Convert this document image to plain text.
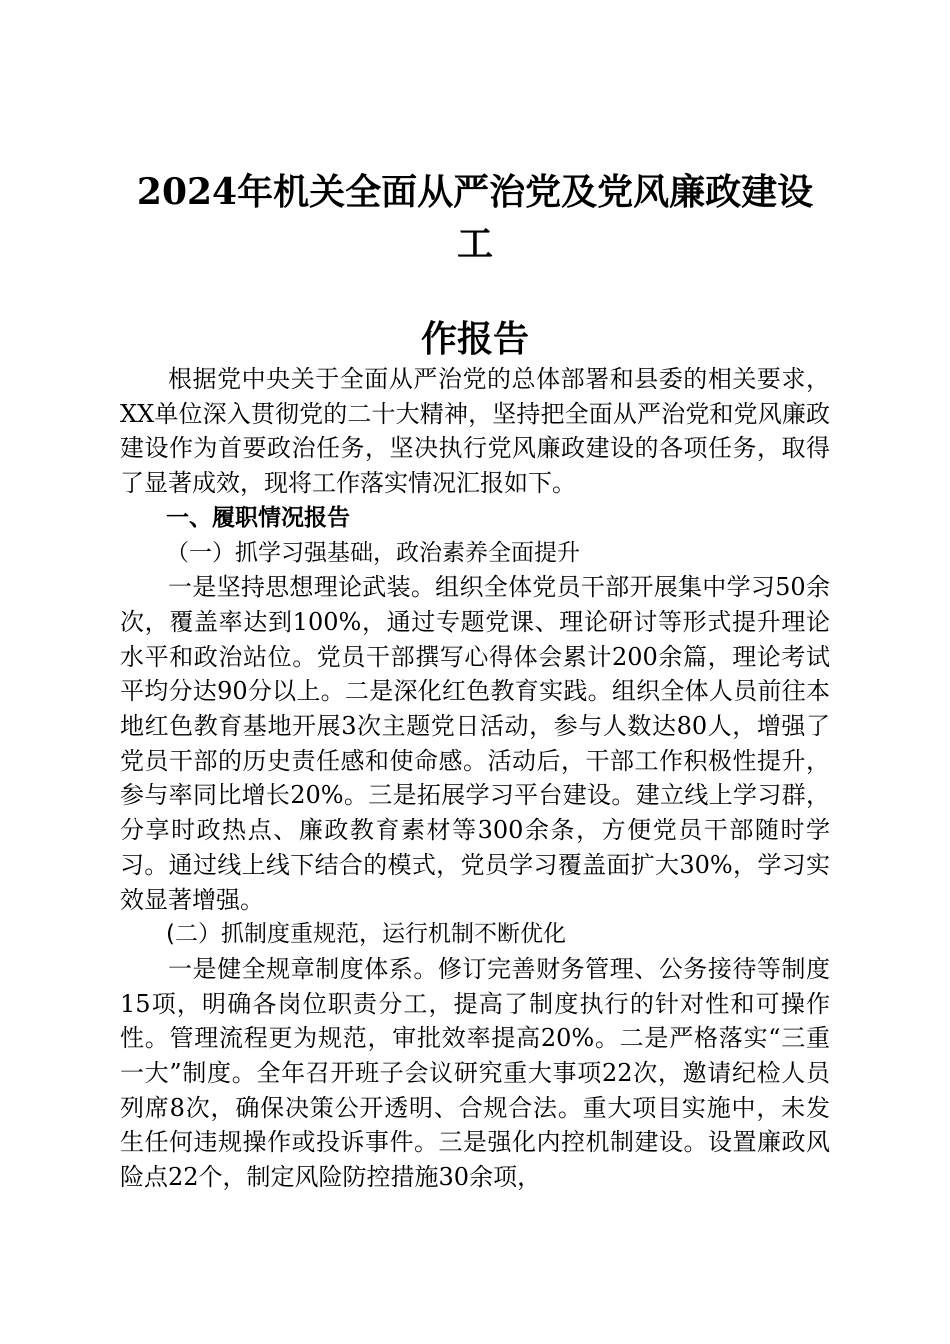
2024年机关全面从严治党及党风廉政建设工
作报告

根据党中央关于全面从严治党的总体部署和县委的相关要求，XX单位深入贯彻党的二十大精神，坚持把全面从严治党和党风廉政建设作为首要政治任务，坚决执行党风廉政建设的各项任务，取得了显著成效，现将工作落实情况汇报如下。

一、履职情况报告

（一）抓学习强基础，政治素养全面提升

一是坚持思想理论武装。组织全体党员干部开展集中学习50余次，覆盖率达到100%，通过专题党课、理论研讨等形式提升理论水平和政治站位。党员干部撰写心得体会累计200余篇，理论考试平均分达90分以上。二是深化红色教育实践。组织全体人员前往本地红色教育基地开展3次主题党日活动，参与人数达80人，增强了党员干部的历史责任感和使命感。活动后，干部工作积极性提升，参与率同比增长20%。三是拓展学习平台建设。建立线上学习群，分享时政热点、廉政教育素材等300余条，方便党员干部随时学习。通过线上线下结合的模式，党员学习覆盖面扩大30%，学习实效显著增强。

(二）抓制度重规范，运行机制不断优化

一是健全规章制度体系。修订完善财务管理、公务接待等制度15项，明确各岗位职责分工，提高了制度执行的针对性和可操作性。管理流程更为规范，审批效率提高20%。二是严格落实“三重一大”制度。全年召开班子会议研究重大事项22次，邀请纪检人员列席8次，确保决策公开透明、合规合法。重大项目实施中，未发生任何违规操作或投诉事件。三是强化内控机制建设。设置廉政风险点22个，制定风险防控措施30余项，
